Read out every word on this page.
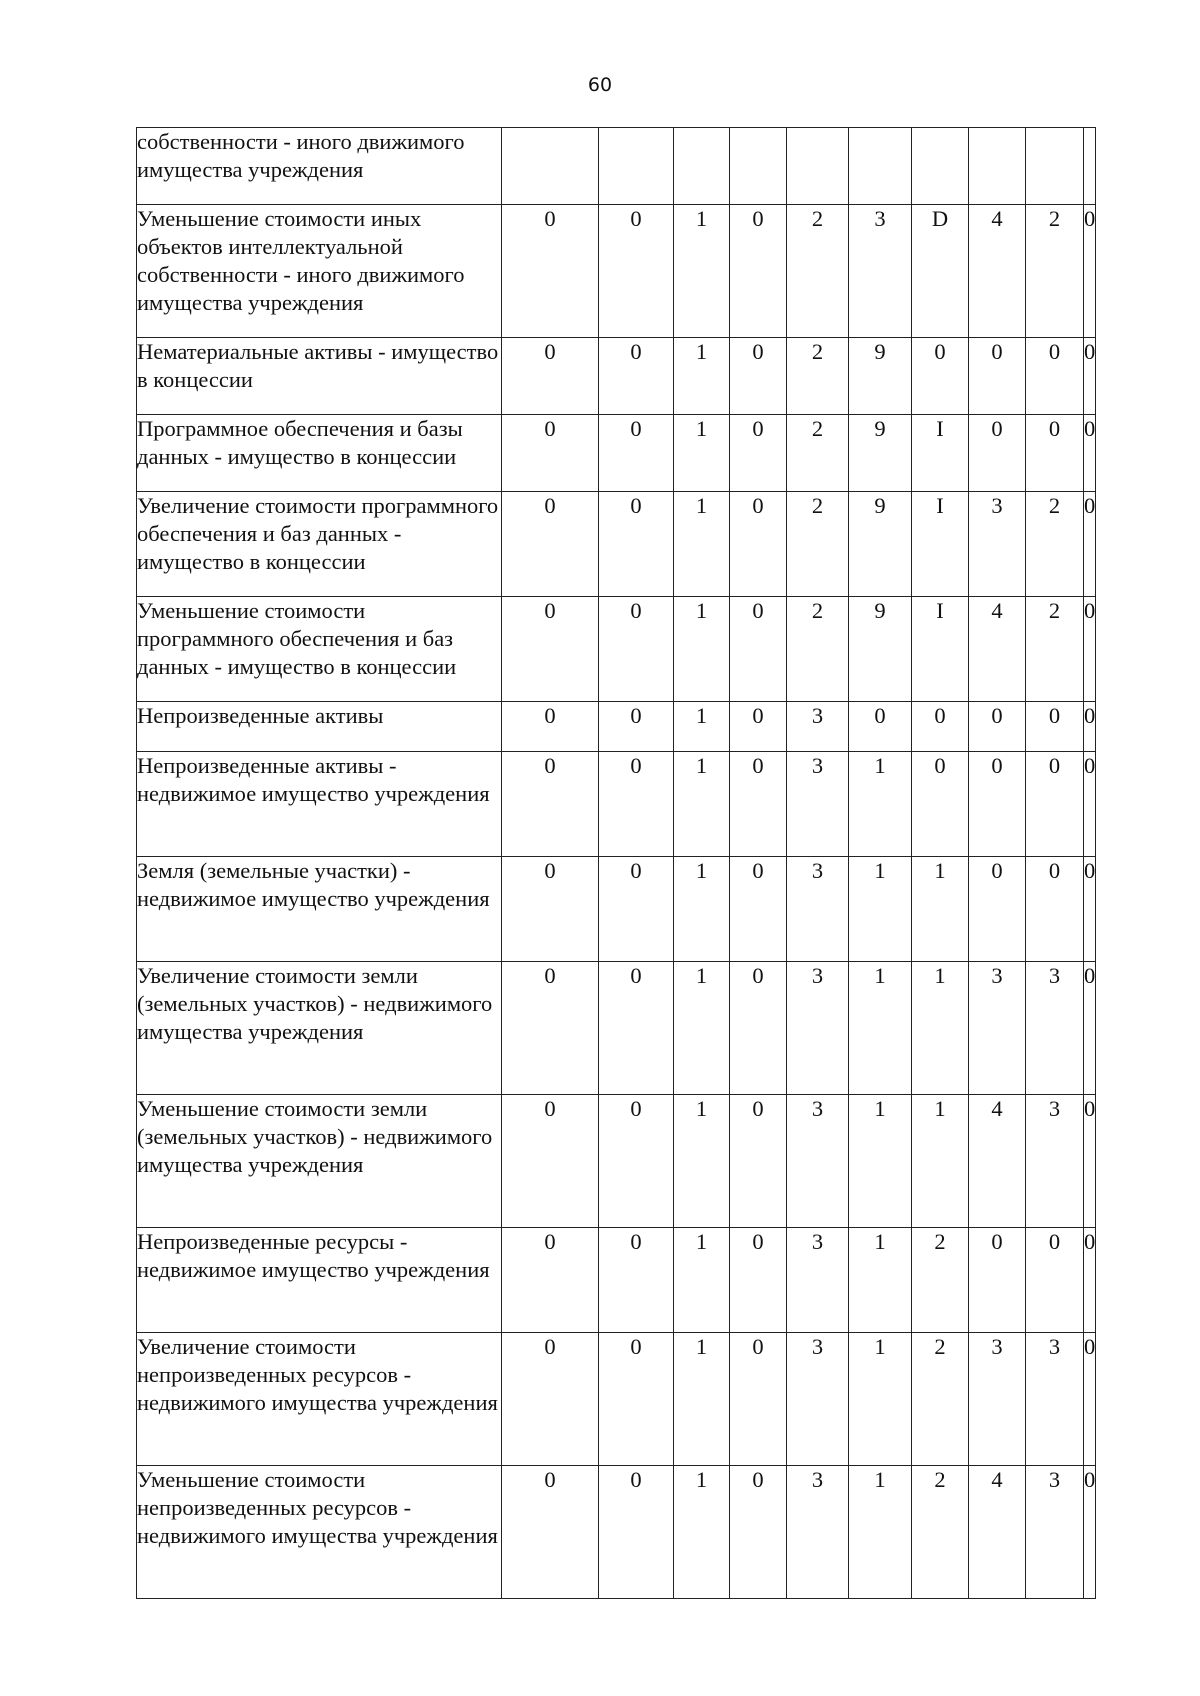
60
собственности - иного движимого имущества учреждения										
Уменьшение стоимости иных объектов интеллектуальной собственности - иного движимого имущества учреждения	0	0	1	0	2	3	D	4	2	0
Нематериальные активы - имущество в концессии	0	0	1	0	2	9	0	0	0	0
Программное обеспечения и базы данных - имущество в концессии	0	0	1	0	2	9	I	0	0	0
Увеличение стоимости программного обеспечения и баз данных - имущество в концессии	0	0	1	0	2	9	I	3	2	0
Уменьшение стоимости программного обеспечения и баз данных - имущество в концессии	0	0	1	0	2	9	I	4	2	0
Непроизведенные активы	0	0	1	0	3	0	0	0	0	0
Непроизведенные активы - недвижимое имущество учреждения	0	0	1	0	3	1	0	0	0	0
Земля (земельные участки) - недвижимое имущество учреждения	0	0	1	0	3	1	1	0	0	0
Увеличение стоимости земли (земельных участков) - недвижимого имущества учреждения	0	0	1	0	3	1	1	3	3	0
Уменьшение стоимости земли (земельных участков) - недвижимого имущества учреждения	0	0	1	0	3	1	1	4	3	0
Непроизведенные ресурсы - недвижимое имущество учреждения	0	0	1	0	3	1	2	0	0	0
Увеличение стоимости непроизведенных ресурсов - недвижимого имущества учреждения	0	0	1	0	3	1	2	3	3	0
Уменьшение стоимости непроизведенных ресурсов - недвижимого имущества учреждения	0	0	1	0	3	1	2	4	3	0
